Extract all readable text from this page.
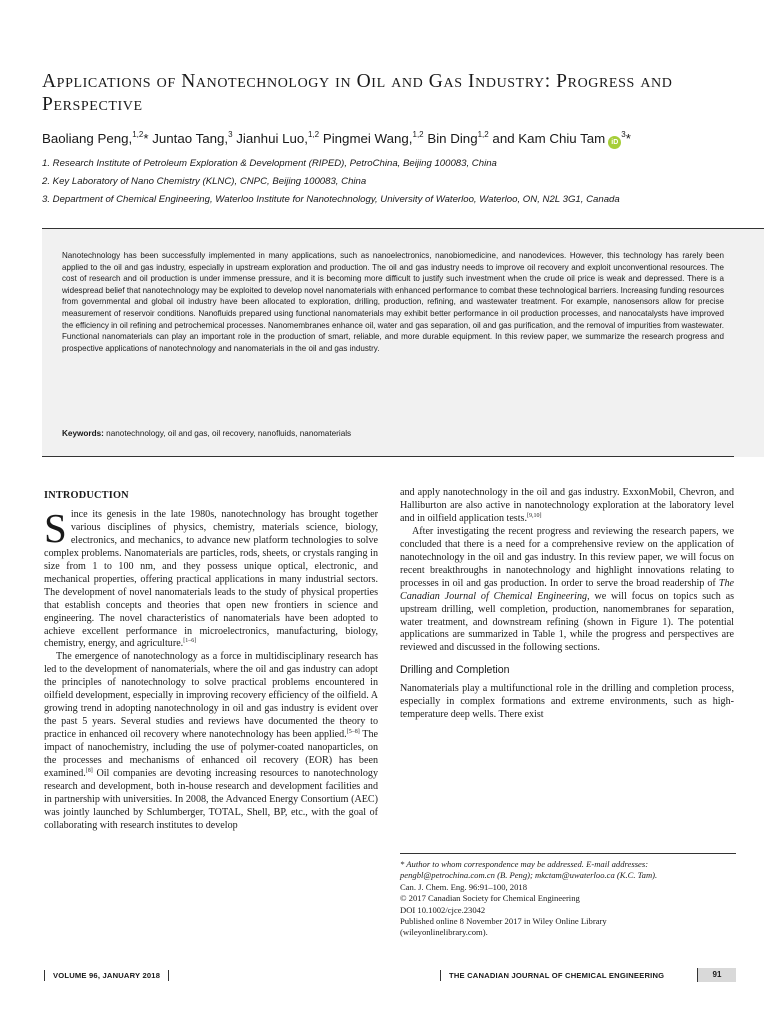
Applications of Nanotechnology in Oil and Gas Industry: Progress and Perspective
Baoliang Peng,$^{1,2}$* Juntao Tang,$^3$ Jianhui Luo,$^{1,2}$ Pingmei Wang,$^{1,2}$ Bin Ding$^{1,2}$ and Kam Chiu Tam $iD^3*$
1. Research Institute of Petroleum Exploration & Development (RIPED), PetroChina, Beijing 100083, China
2. Key Laboratory of Nano Chemistry (KLNC), CNPC, Beijing 100083, China
3. Department of Chemical Engineering, Waterloo Institute for Nanotechnology, University of Waterloo, Waterloo, ON, N2L 3G1, Canada

Nanotechnology has been successfully implemented in many applications, such as nanoelectronics, nanobiomedicine, and nanodevices. However, this technology has rarely been applied to the oil and gas industry, especially in upstream exploration and production. The oil and gas industry needs to improve oil recovery and exploit unconventional resources. The cost of research and oil production is under immense pressure, and it is becoming more difficult to justify such investment when the crude oil price is weak and depressed. There is a widespread belief that nanotechnology may be exploited to develop novel nanomaterials with enhanced performance to combat these technological barriers. Increasing funding resources from governmental and global oil industry have been allocated to exploration, drilling, production, refining, and wastewater treatment. For example, nanosensors allow for precise measurement of reservoir conditions. Nanofluids prepared using functional nanomaterials may exhibit better performance in oil production processes, and nanocatalysts have improved the efficiency in oil refining and petrochemical processes. Nanomembranes enhance oil, water and gas separation, oil and gas purification, and the removal of impurities from wastewater. Functional nanomaterials can play an important role in the production of smart, reliable, and more durable equipment. In this review paper, we summarize the research progress and prospective applications of nanotechnology and nanomaterials in the oil and gas industry.

Keywords: nanotechnology, oil and gas, oil recovery, nanofluids, nanomaterials
INTRODUCTION

Since its genesis in the late 1980s, nanotechnology has brought together various disciplines of physics, chemistry, materials science, biology, electronics, and mechanics, to advance new platform technologies to solve complex problems. Nanomaterials are particles, rods, sheets, or crystals ranging in size from 1 to 100 nm, and they possess unique optical, electronic, and mechanical properties, offering practical applications in many industrial sectors. The development of novel nanomaterials leads to the study of physical properties that establish concepts and theories that open new frontiers in science and engineering. The novel characteristics of nanomaterials have been adopted to achieve excellent performance in microelectronics, manufacturing, biology, chemistry, energy, and agriculture.[1–6]

The emergence of nanotechnology as a force in multidisciplinary research has led to the development of nanomaterials, where the oil and gas industry can adopt the principles of nanotechnology to solve practical problems encountered in oilfield development, especially in improving recovery efficiency of the oilfield. A growing trend in adopting nanotechnology in oil and gas industry is evident over the past 5 years. Several studies and reviews have documented the theory to practice in enhanced oil recovery where nanotechnology has been applied.[5–8] The impact of nanochemistry, including the use of polymer-coated nanoparticles, on the processes and mechanisms of enhanced oil recovery (EOR) has been examined.[8] Oil companies are devoting increasing resources to nanotechnology research and development, both in-house research and development facilities and in partnership with universities. In 2008, the Advanced Energy Consortium (AEC) was jointly launched by Schlumberger, TOTAL, Shell, BP, etc., with the goal of collaborating with research institutes to develop

and apply nanotechnology in the oil and gas industry. ExxonMobil, Chevron, and Halliburton are also active in nanotechnology exploration at the laboratory level and in oilfield application tests.[9,10]

After investigating the recent progress and reviewing the research papers, we concluded that there is a need for a comprehensive review on the application of nanotechnology in the oil and gas industry. In this review paper, we will focus on recent breakthroughs in nanotechnology and highlight innovations relating to processes in oil and gas production. In order to serve the broad readership of The Canadian Journal of Chemical Engineering, we will focus on topics such as upstream drilling, well completion, production, nanomembranes for separation, water treatment, and downstream refining (shown in Figure 1). The potential applications are summarized in Table 1, while the progress and perspectives are reviewed and discussed in the following sections.

Drilling and Completion

Nanomaterials play a multifunctional role in the drilling and completion process, especially in complex formations and extreme environments, such as high-temperature deep wells. There exist

* Author to whom correspondence may be addressed. E-mail addresses: pengbl@petrochina.com.cn (B. Peng); mkctam@uwaterloo.ca (K.C. Tam).
Can. J. Chem. Eng. 96:91–100, 2018
© 2017 Canadian Society for Chemical Engineering
DOI 10.1002/cjce.23042
Published online 8 November 2017 in Wiley Online Library
(wileyonlinelibrary.com).
VOLUME 96, JANUARY 2018	THE CANADIAN JOURNAL OF CHEMICAL ENGINEERING	91
